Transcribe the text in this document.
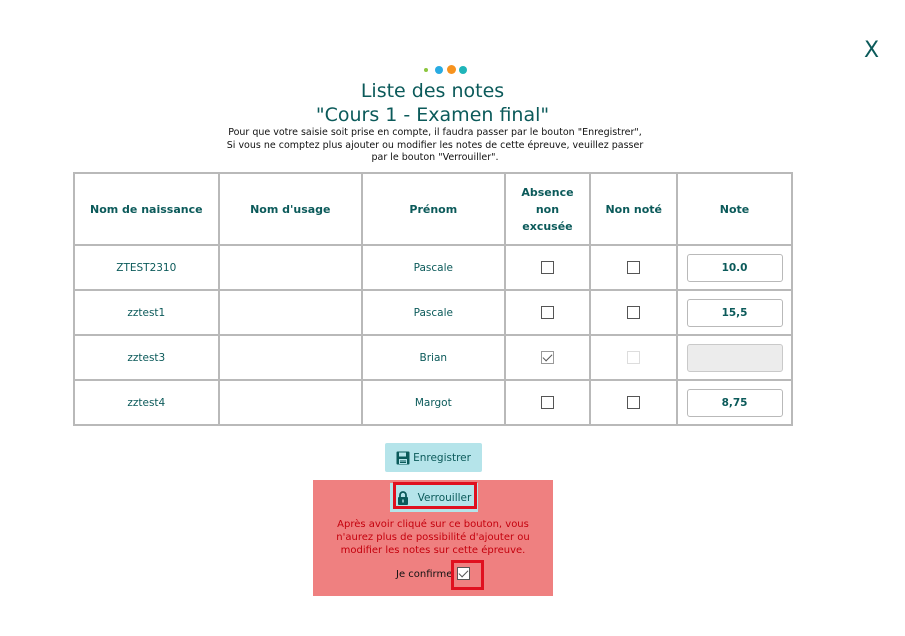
X
Liste des notes
"Cours 1 - Examen final"
Pour que votre saisie soit prise en compte, il faudra passer par le bouton "Enregistrer",
Si vous ne comptez plus ajouter ou modifier les notes de cette épreuve, veuillez passer
par le bouton "Verrouiller".
Nom de naissance	Nom d'usage	Prénom	Absence
non
excusée	Non noté	Note
ZTEST2310		Pascale			10.0
zztest1		Pascale			15,5
zztest3		Brian			
zztest4		Margot			8,75
Enregistrer
Verrouiller
Après avoir cliqué sur ce bouton, vous
n'aurez plus de possibilité d'ajouter ou
modifier les notes sur cette épreuve.
Je confirme
